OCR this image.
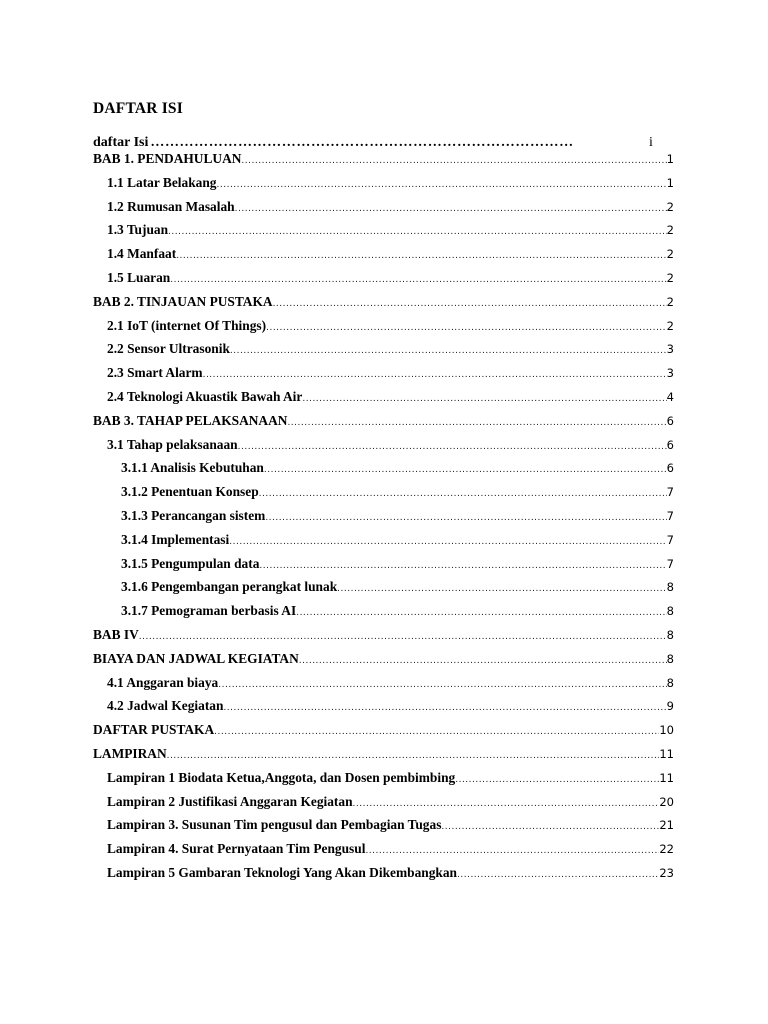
DAFTAR ISI
daftar Isi ……………………………………………………………………………	i
BAB 1. PENDAHULUAN .....	1
1.1 Latar Belakang .....	1
1.2 Rumusan Masalah .....	2
1.3 Tujuan .....	2
1.4 Manfaat .....	2
1.5 Luaran .....	2
BAB 2. TINJAUAN PUSTAKA .....	2
2.1 IoT (internet Of Things) .....	2
2.2 Sensor Ultrasonik .....	3
2.3 Smart Alarm .....	3
2.4 Teknologi Akuastik Bawah Air .....	4
BAB 3. TAHAP PELAKSANAAN .....	6
3.1 Tahap pelaksanaan .....	6
3.1.1 Analisis Kebutuhan .....	6
3.1.2 Penentuan Konsep .....	7
3.1.3 Perancangan sistem .....	7
3.1.4 Implementasi .....	7
3.1.5 Pengumpulan data .....	7
3.1.6 Pengembangan perangkat lunak .....	8
3.1.7 Pemograman berbasis AI .....	8
BAB IV .....	8
BIAYA DAN JADWAL KEGIATAN .....	8
4.1 Anggaran biaya .....	8
4.2 Jadwal Kegiatan .....	9
DAFTAR PUSTAKA .....	10
LAMPIRAN .....	11
Lampiran 1 Biodata Ketua,Anggota, dan Dosen pembimbing .....	11
Lampiran 2 Justifikasi Anggaran Kegiatan .....	20
Lampiran 3. Susunan Tim pengusul dan Pembagian Tugas .....	21
Lampiran 4. Surat Pernyataan Tim Pengusul .....	22
Lampiran 5 Gambaran Teknologi Yang Akan Dikembangkan .....	23
